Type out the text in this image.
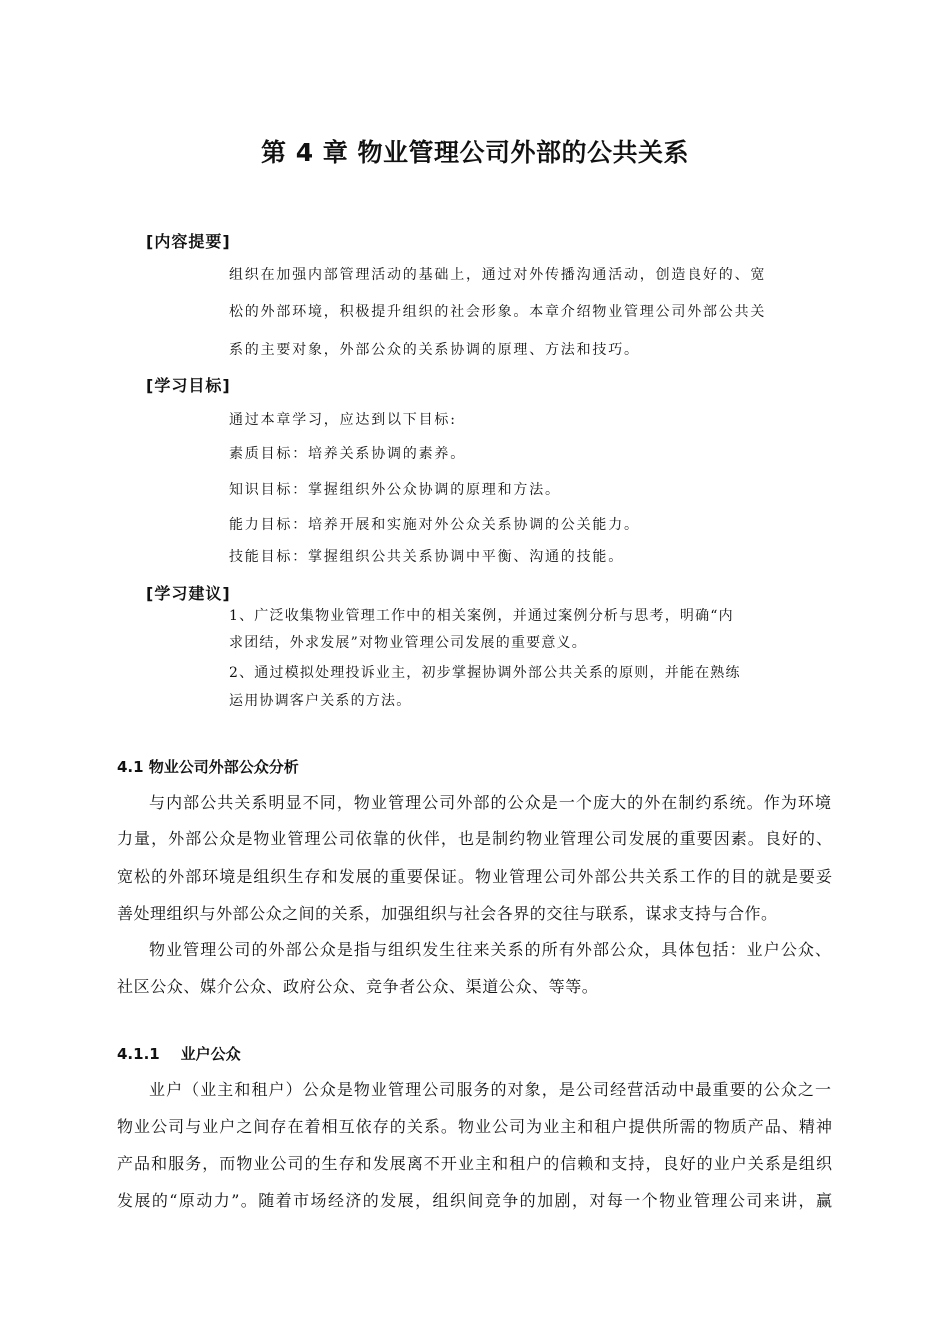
第 4 章 物业管理公司外部的公共关系
[内容提要]
组织在加强内部管理活动的基础上，通过对外传播沟通活动，创造良好的、宽
松的外部环境，积极提升组织的社会形象。本章介绍物业管理公司外部公共关
系的主要对象，外部公众的关系协调的原理、方法和技巧。
[学习目标]
通过本章学习，应达到以下目标:
素质目标：培养关系协调的素养。
知识目标：掌握组织外公众协调的原理和方法。
能力目标：培养开展和实施对外公众关系协调的公关能力。
技能目标：掌握组织公共关系协调中平衡、沟通的技能。
[学习建议]
1、广泛收集物业管理工作中的相关案例，并通过案例分析与思考，明确“内
求团结，外求发展”对物业管理公司发展的重要意义。
2、通过模拟处理投诉业主，初步掌握协调外部公共关系的原则，并能在熟练
运用协调客户关系的方法。
4.1 物业公司外部公众分析
与内部公共关系明显不同，物业管理公司外部的公众是一个庞大的外在制约系统。作为环境
力量，外部公众是物业管理公司依靠的伙伴，也是制约物业管理公司发展的重要因素。良好的、
宽松的外部环境是组织生存和发展的重要保证。物业管理公司外部公共关系工作的目的就是要妥
善处理组织与外部公众之间的关系，加强组织与社会各界的交往与联系，谋求支持与合作。
物业管理公司的外部公众是指与组织发生往来关系的所有外部公众，具体包括：业户公众、
社区公众、媒介公众、政府公众、竞争者公众、渠道公众、等等。
4.1.1    业户公众
业户（业主和租户）公众是物业管理公司服务的对象，是公司经营活动中最重要的公众之一
物业公司与业户之间存在着相互依存的关系。物业公司为业主和租户提供所需的物质产品、精神
产品和服务，而物业公司的生存和发展离不开业主和租户的信赖和支持，良好的业户关系是组织
发展的“原动力”。随着市场经济的发展，组织间竞争的加剧，对每一个物业管理公司来讲，赢
